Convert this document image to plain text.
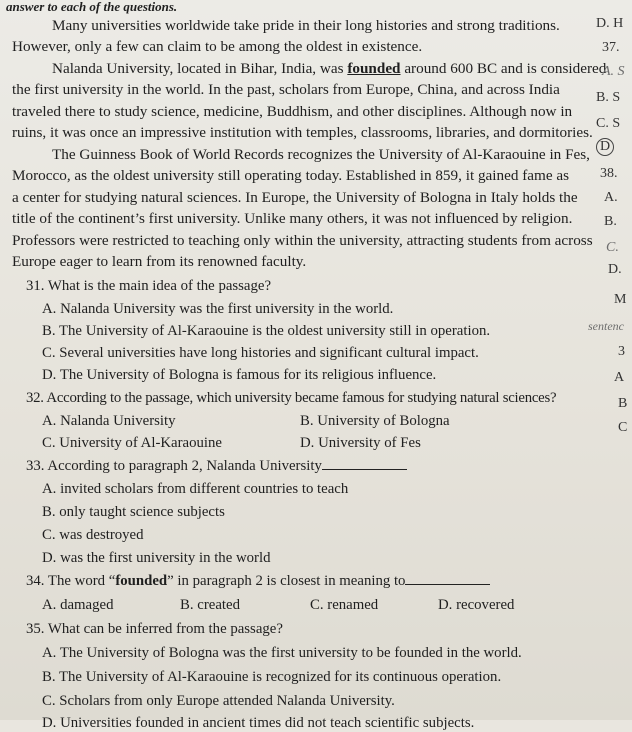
answer to each of the questions.
Many universities worldwide take pride in their long histories and strong traditions.
However, only a few can claim to be among the oldest in existence.
Nalanda University, located in Bihar, India, was founded around 600 BC and is considered
the first university in the world. In the past, scholars from Europe, China, and across India
traveled there to study science, medicine, Buddhism, and other disciplines. Although now in
ruins, it was once an impressive institution with temples, classrooms, libraries, and dormitories.
The Guinness Book of World Records recognizes the University of Al-Karaouine in Fes,
Morocco, as the oldest university still operating today. Established in 859, it gained fame as
a center for studying natural sciences. In Europe, the University of Bologna in Italy holds the
title of the continent’s first university. Unlike many others, it was not influenced by religion.
Professors were restricted to teaching only within the university, attracting students from across
Europe eager to learn from its renowned faculty.
31. What is the main idea of the passage?
A. Nalanda University was the first university in the world.
B. The University of Al-Karaouine is the oldest university still in operation.
C. Several universities have long histories and significant cultural impact.
D. The University of Bologna is famous for its religious influence.
32. According to the passage, which university became famous for studying natural sciences?
A. Nalanda University	B. University of Bologna
C. University of Al-Karaouine	D. University of Fes
33. According to paragraph 2, Nalanda University
A. invited scholars from different countries to teach
B. only taught science subjects
C. was destroyed
D. was the first university in the world
34. The word “founded” in paragraph 2 is closest in meaning to
A. damaged	B. created	C. renamed	D. recovered
35. What can be inferred from the passage?
A. The University of Bologna was the first university to be founded in the world.
B. The University of Al-Karaouine is recognized for its continuous operation.
C. Scholars from only Europe attended Nalanda University.
D. Universities founded in ancient times did not teach scientific subjects.
D. H
37.
A. S
B. S
C. S
D
38.
A.
B.
C.
D.
M
sentenc
3
A
B
C
